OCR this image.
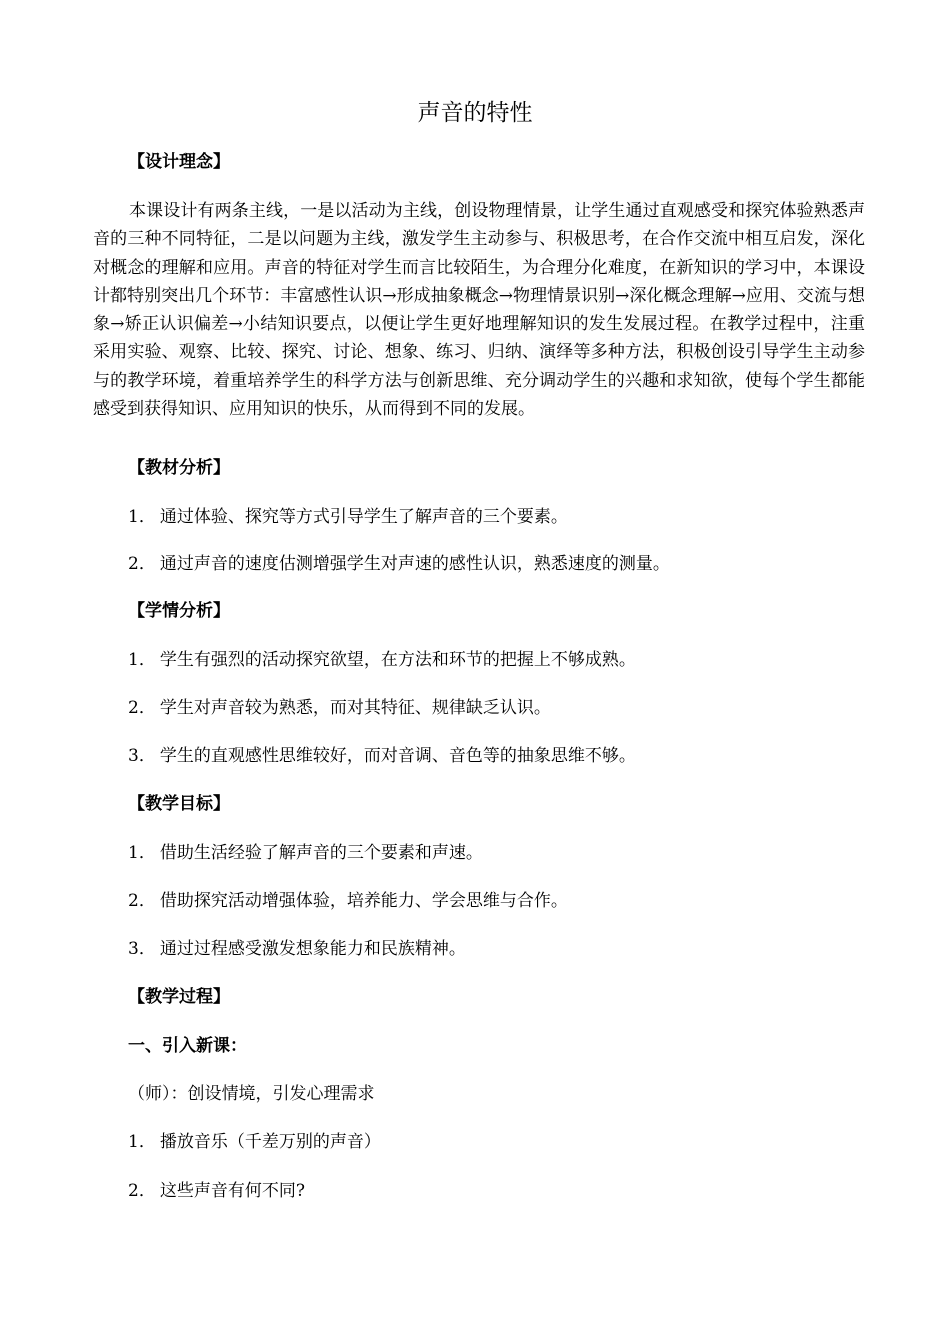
声音的特性
【设计理念】

本课设计有两条主线，一是以活动为主线，创设物理情景，让学生通过直观感受和探究体验熟悉声音的三种不同特征，二是以问题为主线，激发学生主动参与、积极思考，在合作交流中相互启发，深化对概念的理解和应用。声音的特征对学生而言比较陌生，为合理分化难度，在新知识的学习中，本课设计都特别突出几个环节：丰富感性认识→形成抽象概念→物理情景识别→深化概念理解→应用、交流与想象→矫正认识偏差→小结知识要点，以便让学生更好地理解知识的发生发展过程。在教学过程中，注重采用实验、观察、比较、探究、讨论、想象、练习、归纳、演绎等多种方法，积极创设引导学生主动参与的教学环境，着重培养学生的科学方法与创新思维、充分调动学生的兴趣和求知欲，使每个学生都能感受到获得知识、应用知识的快乐，从而得到不同的发展。

【教材分析】

1． 通过体验、探究等方式引导学生了解声音的三个要素。

2． 通过声音的速度估测增强学生对声速的感性认识，熟悉速度的测量。

【学情分析】

1． 学生有强烈的活动探究欲望，在方法和环节的把握上不够成熟。

2． 学生对声音较为熟悉，而对其特征、规律缺乏认识。

3． 学生的直观感性思维较好，而对音调、音色等的抽象思维不够。

【教学目标】

1． 借助生活经验了解声音的三个要素和声速。

2． 借助探究活动增强体验，培养能力、学会思维与合作。

3． 通过过程感受激发想象能力和民族精神。

【教学过程】
一、引入新课：

（师）：创设情境，引发心理需求

1． 播放音乐（千差万别的声音）

2． 这些声音有何不同?
